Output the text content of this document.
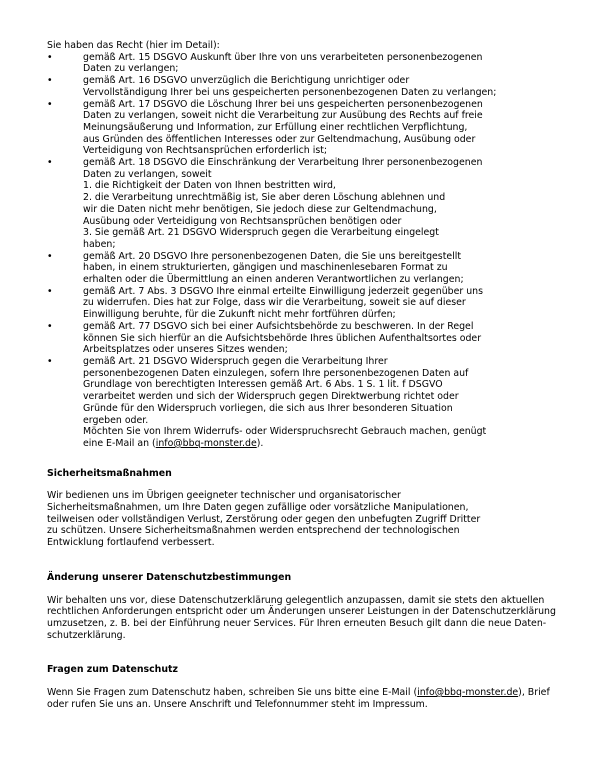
Sie haben das Recht (hier im Detail):

•	gemäß Art. 15 DSGVO Auskunft über Ihre von uns verarbeiteten personenbezogenen
Daten zu verlangen;
•	gemäß Art. 16 DSGVO unverzüglich die Berichtigung unrichtiger oder
Vervollständigung Ihrer bei uns gespeicherten personenbezogenen Daten zu verlangen;
•	gemäß Art. 17 DSGVO die Löschung Ihrer bei uns gespeicherten personenbezogenen
Daten zu verlangen, soweit nicht die Verarbeitung zur Ausübung des Rechts auf freie
Meinungsäußerung und Information, zur Erfüllung einer rechtlichen Verpflichtung,
aus Gründen des öffentlichen Interesses oder zur Geltendmachung, Ausübung oder
Verteidigung von Rechtsansprüchen erforderlich ist;
•	gemäß Art. 18 DSGVO die Einschränkung der Verarbeitung Ihrer personenbezogenen
Daten zu verlangen, soweit
1. die Richtigkeit der Daten von Ihnen bestritten wird,
2. die Verarbeitung unrechtmäßig ist, Sie aber deren Löschung ablehnen und
wir die Daten nicht mehr benötigen, Sie jedoch diese zur Geltendmachung,
Ausübung oder Verteidigung von Rechtsansprüchen benötigen oder
3. Sie gemäß Art. 21 DSGVO Widerspruch gegen die Verarbeitung eingelegt
haben;
•	gemäß Art. 20 DSGVO Ihre personenbezogenen Daten, die Sie uns bereitgestellt
haben, in einem strukturierten, gängigen und maschinenlesebaren Format zu
erhalten oder die Übermittlung an einen anderen Verantwortlichen zu verlangen;
•	gemäß Art. 7 Abs. 3 DSGVO Ihre einmal erteilte Einwilligung jederzeit gegenüber uns
zu widerrufen. Dies hat zur Folge, dass wir die Verarbeitung, soweit sie auf dieser
Einwilligung beruhte, für die Zukunft nicht mehr fortführen dürfen;
•	gemäß Art. 77 DSGVO sich bei einer Aufsichtsbehörde zu beschweren. In der Regel
können Sie sich hierfür an die Aufsichtsbehörde Ihres üblichen Aufenthaltsortes oder
Arbeitsplatzes oder unseres Sitzes wenden;
•	gemäß Art. 21 DSGVO Widerspruch gegen die Verarbeitung Ihrer
personenbezogenen Daten einzulegen, sofern Ihre personenbezogenen Daten auf
Grundlage von berechtigten Interessen gemäß Art. 6 Abs. 1 S. 1 lit. f DSGVO
verarbeitet werden und sich der Widerspruch gegen Direktwerbung richtet oder
Gründe für den Widerspruch vorliegen, die sich aus Ihrer besonderen Situation
ergeben oder.
Möchten Sie von Ihrem Widerrufs- oder Widerspruchsrecht Gebrauch machen, genügt
eine E-Mail an (info@bbq-monster.de).
Sicherheitsmaßnahmen
Wir bedienen uns im Übrigen geeigneter technischer und organisatorischer
Sicherheitsmaßnahmen, um Ihre Daten gegen zufällige oder vorsätzliche Manipulationen,
teilweisen oder vollständigen Verlust, Zerstörung oder gegen den unbefugten Zugriff Dritter
zu schützen. Unsere Sicherheitsmaßnahmen werden entsprechend der technologischen
Entwicklung fortlaufend verbessert.
Änderung unserer Datenschutzbestimmungen
Wir behalten uns vor, diese Datenschutzerklärung gelegentlich anzupassen, damit sie stets den aktuellen
rechtlichen Anforderungen entspricht oder um Änderungen unserer Leistungen in der Datenschutzerklärung
umzusetzen, z. B. bei der Einführung neuer Services. Für Ihren erneuten Besuch gilt dann die neue Daten-
schutzerklärung.
Fragen zum Datenschutz
Wenn Sie Fragen zum Datenschutz haben, schreiben Sie uns bitte eine E-Mail (info@bbq-monster.de), Brief
oder rufen Sie uns an. Unsere Anschrift und Telefonnummer steht im Impressum.
